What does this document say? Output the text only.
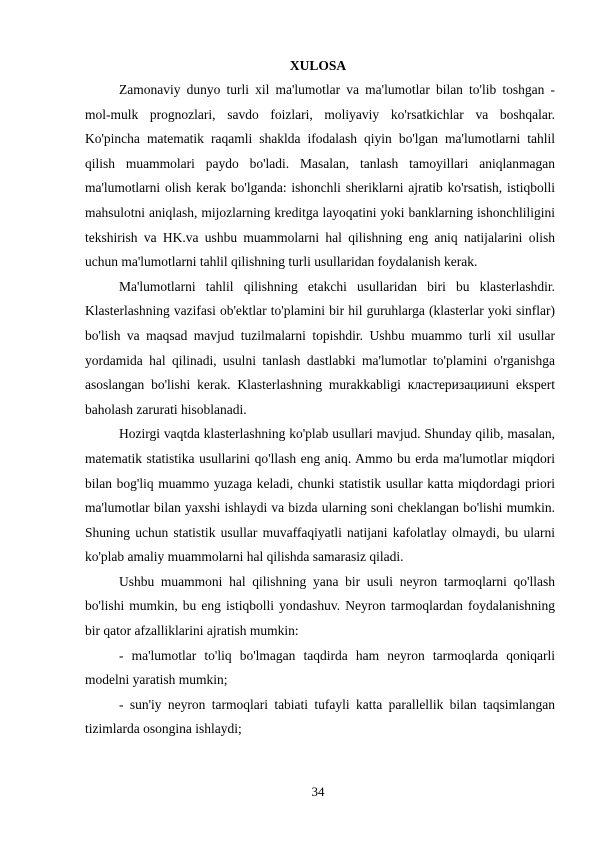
XULOSA

Zamonaviy dunyo turli xil ma'lumotlar va ma'lumotlar bilan to'lib toshgan - mol-mulk prognozlari, savdo foizlari, moliyaviy ko'rsatkichlar va boshqalar. Ko'pincha matematik raqamli shaklda ifodalash qiyin bo'lgan ma'lumotlarni tahlil qilish muammolari paydo bo'ladi. Masalan, tanlash tamoyillari aniqlanmagan ma'lumotlarni olish kerak bo'lganda: ishonchli sheriklarni ajratib ko'rsatish, istiqbolli mahsulotni aniqlash, mijozlarning kreditga layoqatini yoki banklarning ishonchliligini tekshirish va HK.va ushbu muammolarni hal qilishning eng aniq natijalarini olish uchun ma'lumotlarni tahlil qilishning turli usullaridan foydalanish kerak.

Ma'lumotlarni tahlil qilishning etakchi usullaridan biri bu klasterlashdir. Klasterlashning vazifasi ob'ektlar to'plamini bir hil guruhlarga (klasterlar yoki sinflar) bo'lish va maqsad mavjud tuzilmalarni topishdir. Ushbu muammo turli xil usullar yordamida hal qilinadi, usulni tanlash dastlabki ma'lumotlar to'plamini o'rganishga asoslangan bo'lishi kerak. Klasterlashning murakkabligi кластеризацииuni ekspert baholash zarurati hisoblanadi.

Hozirgi vaqtda klasterlashning ko'plab usullari mavjud. Shunday qilib, masalan, matematik statistika usullarini qo'llash eng aniq. Ammo bu erda ma'lumotlar miqdori bilan bog'liq muammo yuzaga keladi, chunki statistik usullar katta miqdordagi priori ma'lumotlar bilan yaxshi ishlaydi va bizda ularning soni cheklangan bo'lishi mumkin. Shuning uchun statistik usullar muvaffaqiyatli natijani kafolatlay olmaydi, bu ularni ko'plab amaliy muammolarni hal qilishda samarasiz qiladi.

Ushbu muammoni hal qilishning yana bir usuli neyron tarmoqlarni qo'llash bo'lishi mumkin, bu eng istiqbolli yondashuv. Neyron tarmoqlardan foydalanishning bir qator afzalliklarini ajratish mumkin:

- ma'lumotlar to'liq bo'lmagan taqdirda ham neyron tarmoqlarda qoniqarli modelni yaratish mumkin;

- sun'iy neyron tarmoqlari tabiati tufayli katta parallellik bilan taqsimlangan tizimlarda osongina ishlaydi;

34
